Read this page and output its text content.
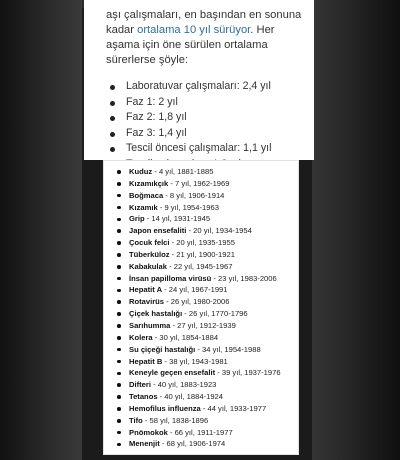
aşı çalışmaları, en başından en sonuna kadar ortalama 10 yıl sürüyor. Her aşama için öne sürülen ortalama sürerlerse şöyle:

Laboratuvar çalışmaları: 2,4 yıl
Faz 1: 2 yıl
Faz 2: 1,8 yıl
Faz 3: 1,4 yıl
Tescil öncesi çalışmalar: 1,1 yıl
Kuduz - 4 yıl, 1881-1885
Kızamıkçık - 7 yıl, 1962-1969
Boğmaca - 8 yıl, 1906-1914
Kızamık - 9 yıl, 1954-1963
Grip - 14 yıl, 1931-1945
Japon ensefaliti - 20 yıl, 1934-1954
Çocuk felci - 20 yıl, 1935-1955
Tüberküloz - 21 yıl, 1900-1921
Kabakulak - 22 yıl, 1945-1967
İnsan papilloma virüsü - 23 yıl, 1983-2006
Hepatit A - 24 yıl, 1967-1991
Rotavirüs - 26 yıl, 1980-2006
Çiçek hastalığı - 26 yıl, 1770-1796
Sarıhumma - 27 yıl, 1912-1939
Kolera - 30 yıl, 1854-1884
Su çiçeği hastalığı - 34 yıl, 1954-1988
Hepatit B - 38 yıl, 1943-1981
Keneyle geçen ensefalit - 39 yıl, 1937-1976
Difteri - 40 yıl, 1883-1923
Tetanos - 40 yıl, 1884-1924
Hemofilus influenza - 44 yıl, 1933-1977
Tifo - 58 yıl, 1838-1896
Pnömokok - 66 yıl, 1911-1977
Menenjit - 68 yıl, 1906-1974
